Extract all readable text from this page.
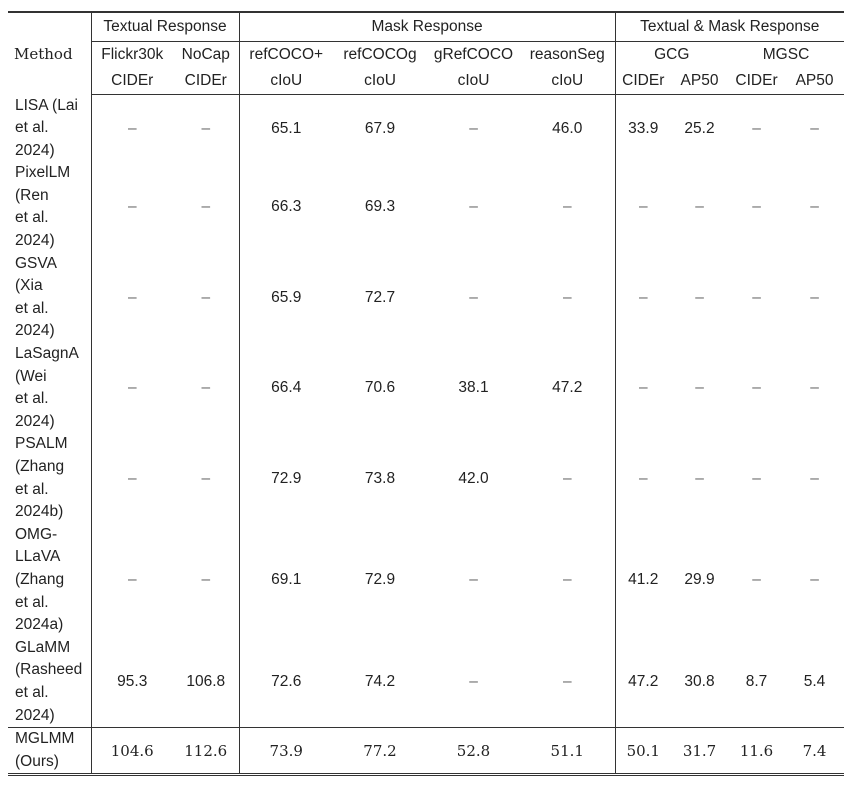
Method	Textual Response		Mask Response				Textual & Mask Response			
	Flickr30k	NoCap	refCOCO+	refCOCOg	gRefCOCO	reasonSeg	GCG		MGSC	
	CIDEr	CIDEr	cIoU	cIoU	cIoU	cIoU	CIDEr	AP50	CIDEr	AP50

LISA (Lai
et al.
2024)	–	–	65.1	67.9	–	46.0	33.9	25.2	–	–

PixelLM
(Ren
et al.
2024)	–	–	66.3	69.3	–	–	–	–	–	–

GSVA
(Xia
et al.
2024)	–	–	65.9	72.7	–	–	–	–	–	–

LaSagnA
(Wei
et al.
2024)	–	–	66.4	70.6	38.1	47.2	–	–	–	–

PSALM
(Zhang
et al.
2024b)	–	–	72.9	73.8	42.0	–	–	–	–	–

OMG-
LLaVA
(Zhang
et al.
2024a)	–	–	69.1	72.9	–	–	41.2	29.9	–	–

GLaMM
(Rasheed
et al.
2024)	95.3	106.8	72.6	74.2	–	–	47.2	30.8	8.7	5.4

MGLMM
(Ours)	104.6	112.6	73.9	77.2	52.8	51.1	50.1	31.7	11.6	7.4
